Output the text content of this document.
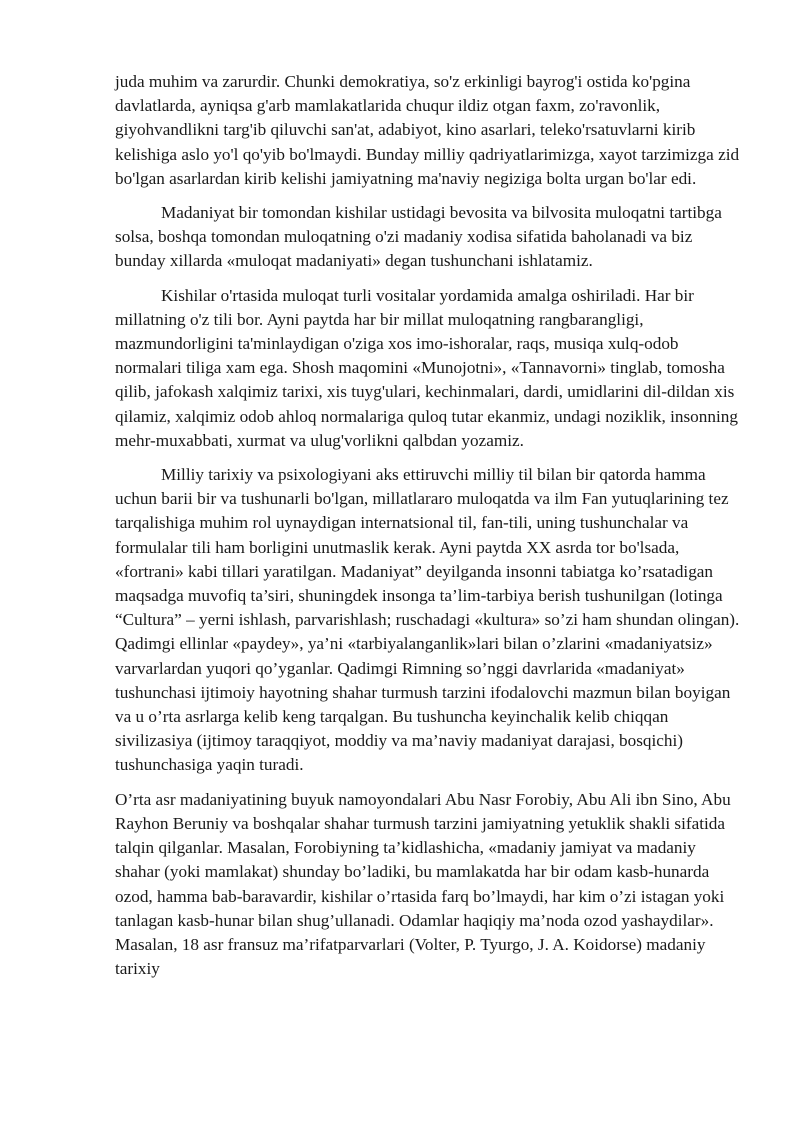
juda muhim va zarurdir. Chunki demokratiya, so'z erkinligi bayrog'i ostida ko'pgina davlatlarda, ayniqsa g'arb mamlakatlarida chuqur ildiz otgan faxm, zo'ravonlik, giyohvandlikni targ'ib qiluvchi san'at, adabiyot, kino asarlari, teleko'rsatuvlarni kirib kelishiga aslo yo'l qo'yib bo'lmaydi. Bunday milliy qadriyatlarimizga, xayot tarzimizga zid bo'lgan asarlardan kirib kelishi jamiyatning ma'naviy negiziga bolta urgan bo'lar edi.

Madaniyat bir tomondan kishilar ustidagi bevosita va bilvosita muloqatni tartibga solsa, boshqa tomondan muloqatning o'zi madaniy xodisa sifatida baholanadi va biz bunday xillarda «muloqat madaniyati» degan tushunchani ishlatamiz.

Kishilar o'rtasida muloqat turli vositalar yordamida amalga oshiriladi. Har bir millatning o'z tili bor. Ayni paytda har bir millat muloqatning rangbarangligi, mazmundorligini ta'minlaydigan o'ziga xos imo-ishoralar, raqs, musiqa xulq-odob normalari tiliga xam ega. Shosh maqomini «Munojotni», «Tannavorni» tinglab, tomosha qilib, jafokash xalqimiz tarixi, xis tuyg'ulari, kechinmalari, dardi, umidlarini dil-dildan xis qilamiz, xalqimiz odob ahloq normalariga quloq tutar ekanmiz, undagi noziklik, insonning mehr-muxabbati, xurmat va ulug'vorlikni qalbdan yozamiz.

Milliy tarixiy va psixologiyani aks ettiruvchi milliy til bilan bir qatorda hamma uchun barii bir va tushunarli bo'lgan, millatlararo muloqatda va ilm Fan yutuqlarining tez tarqalishiga muhim rol uynaydigan internatsional til, fan-tili, uning tushunchalar va formulalar tili ham borligini unutmaslik kerak. Ayni paytda XX asrda tor bo'lsada, «fortrani» kabi tillari yaratilgan. Madaniyat” deyilganda insonni tabiatga ko’rsatadigan maqsadga muvofiq ta’siri, shuningdek insonga ta’lim-tarbiya berish tushunilgan (lotinga “Cultura” – yerni ishlash, parvarishlash; ruschadagi «kultura» so’zi ham shundan olingan). Qadimgi ellinlar «paydey», ya’ni «tarbiyalanganlik»lari bilan o’zlarini «madaniyatsiz» varvarlardan yuqori qo’yganlar. Qadimgi Rimning so’nggi davrlarida «madaniyat» tushunchasi ijtimoiy hayotning shahar turmush tarzini ifodalovchi mazmun bilan boyigan va u o’rta asrlarga kelib keng tarqalgan. Bu tushuncha keyinchalik kelib chiqqan sivilizasiya (ijtimoy taraqqiyot, moddiy va ma’naviy madaniyat darajasi, bosqichi) tushunchasiga yaqin turadi.

O’rta asr madaniyatining buyuk namoyondalari Abu Nasr Forobiy, Abu Ali ibn Sino, Abu Rayhon Beruniy va boshqalar shahar turmush tarzini jamiyatning yetuklik shakli sifatida talqin qilganlar. Masalan, Forobiyning ta’kidlashicha, «madaniy jamiyat va madaniy shahar (yoki mamlakat) shunday bo’ladiki, bu mamlakatda har bir odam kasb-hunarda ozod, hamma bab-baravardir, kishilar o’rtasida farq bo’lmaydi, har kim o’zi istagan yoki tanlagan kasb-hunar bilan shug’ullanadi. Odamlar haqiqiy ma’noda ozod yashaydilar». Masalan, 18 asr fransuz ma’rifatparvarlari (Volter, P. Tyurgo, J. A. Koidorse) madaniy tarixiy
